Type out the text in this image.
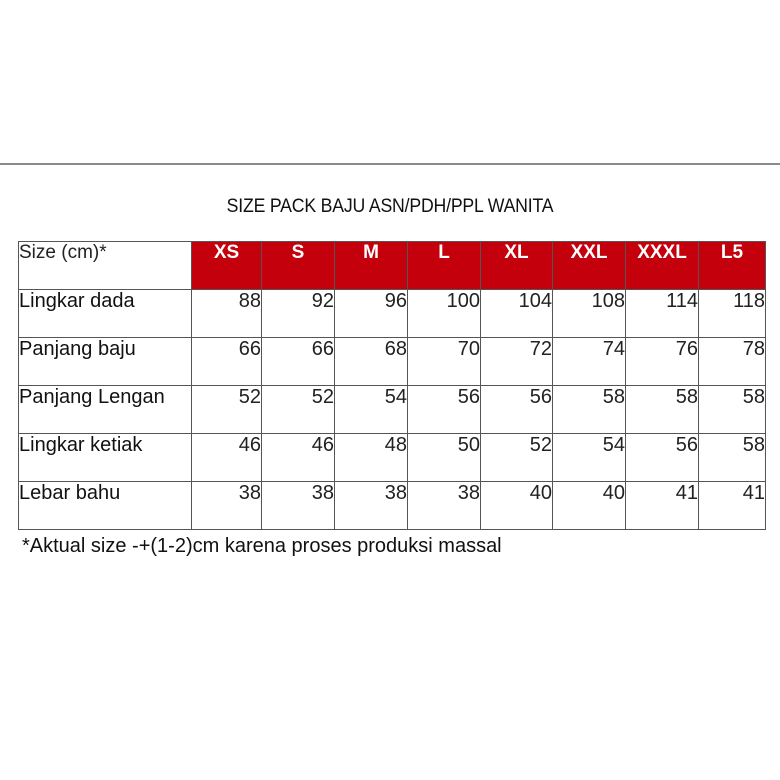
SIZE PACK BAJU ASN/PDH/PPL WANITA
Size (cm)*	XS	S	M	L	XL	XXL	XXXL	L5
Lingkar dada	88	92	96	100	104	108	114	118
Panjang baju	66	66	68	70	72	74	76	78
Panjang Lengan	52	52	54	56	56	58	58	58
Lingkar ketiak	46	46	48	50	52	54	56	58
Lebar bahu	38	38	38	38	40	40	41	41
*Aktual size -+(1-2)cm karena proses produksi massal
